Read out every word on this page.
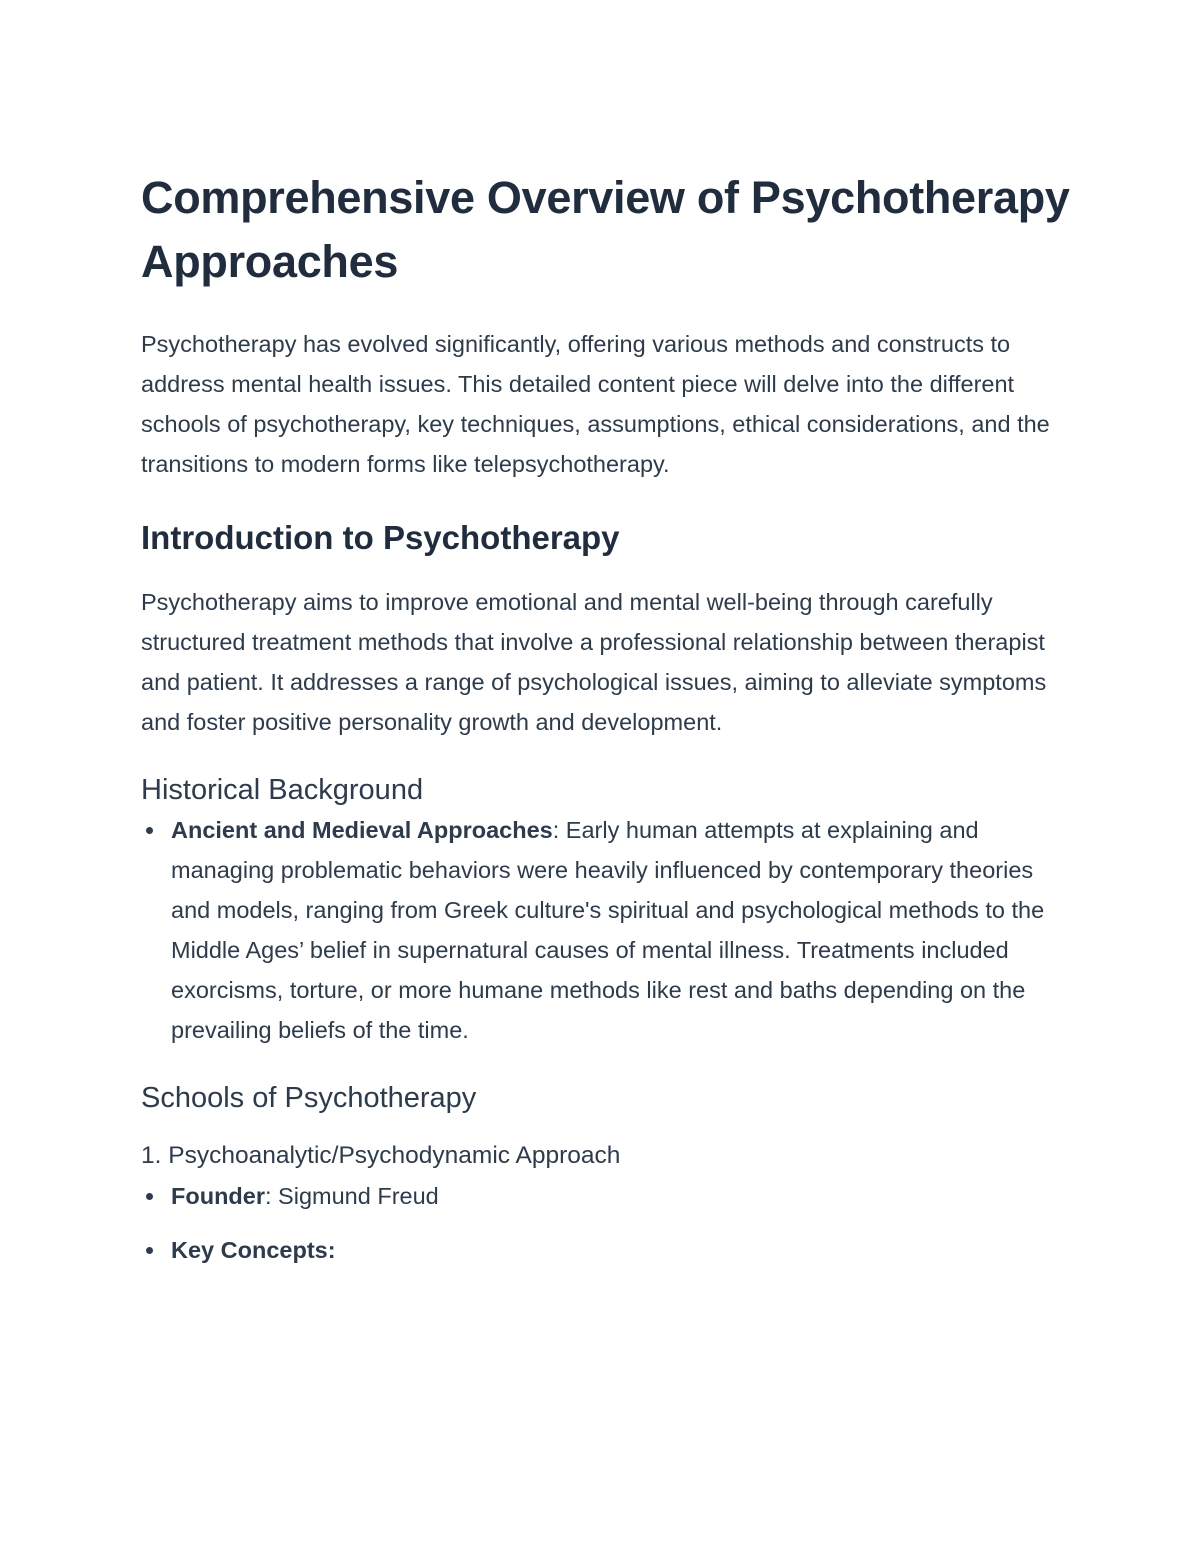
Comprehensive Overview of Psychotherapy Approaches

Psychotherapy has evolved significantly, offering various methods and constructs to address mental health issues. This detailed content piece will delve into the different schools of psychotherapy, key techniques, assumptions, ethical considerations, and the transitions to modern forms like telepsychotherapy.

Introduction to Psychotherapy

Psychotherapy aims to improve emotional and mental well-being through carefully structured treatment methods that involve a professional relationship between therapist and patient. It addresses a range of psychological issues, aiming to alleviate symptoms and foster positive personality growth and development.

Historical Background
Ancient and Medieval Approaches: Early human attempts at explaining and managing problematic behaviors were heavily influenced by contemporary theories and models, ranging from Greek culture's spiritual and psychological methods to the Middle Ages’ belief in supernatural causes of mental illness. Treatments included exorcisms, torture, or more humane methods like rest and baths depending on the prevailing beliefs of the time.
Schools of Psychotherapy
1. Psychoanalytic/Psychodynamic Approach
Founder: Sigmund Freud
Key Concepts:
